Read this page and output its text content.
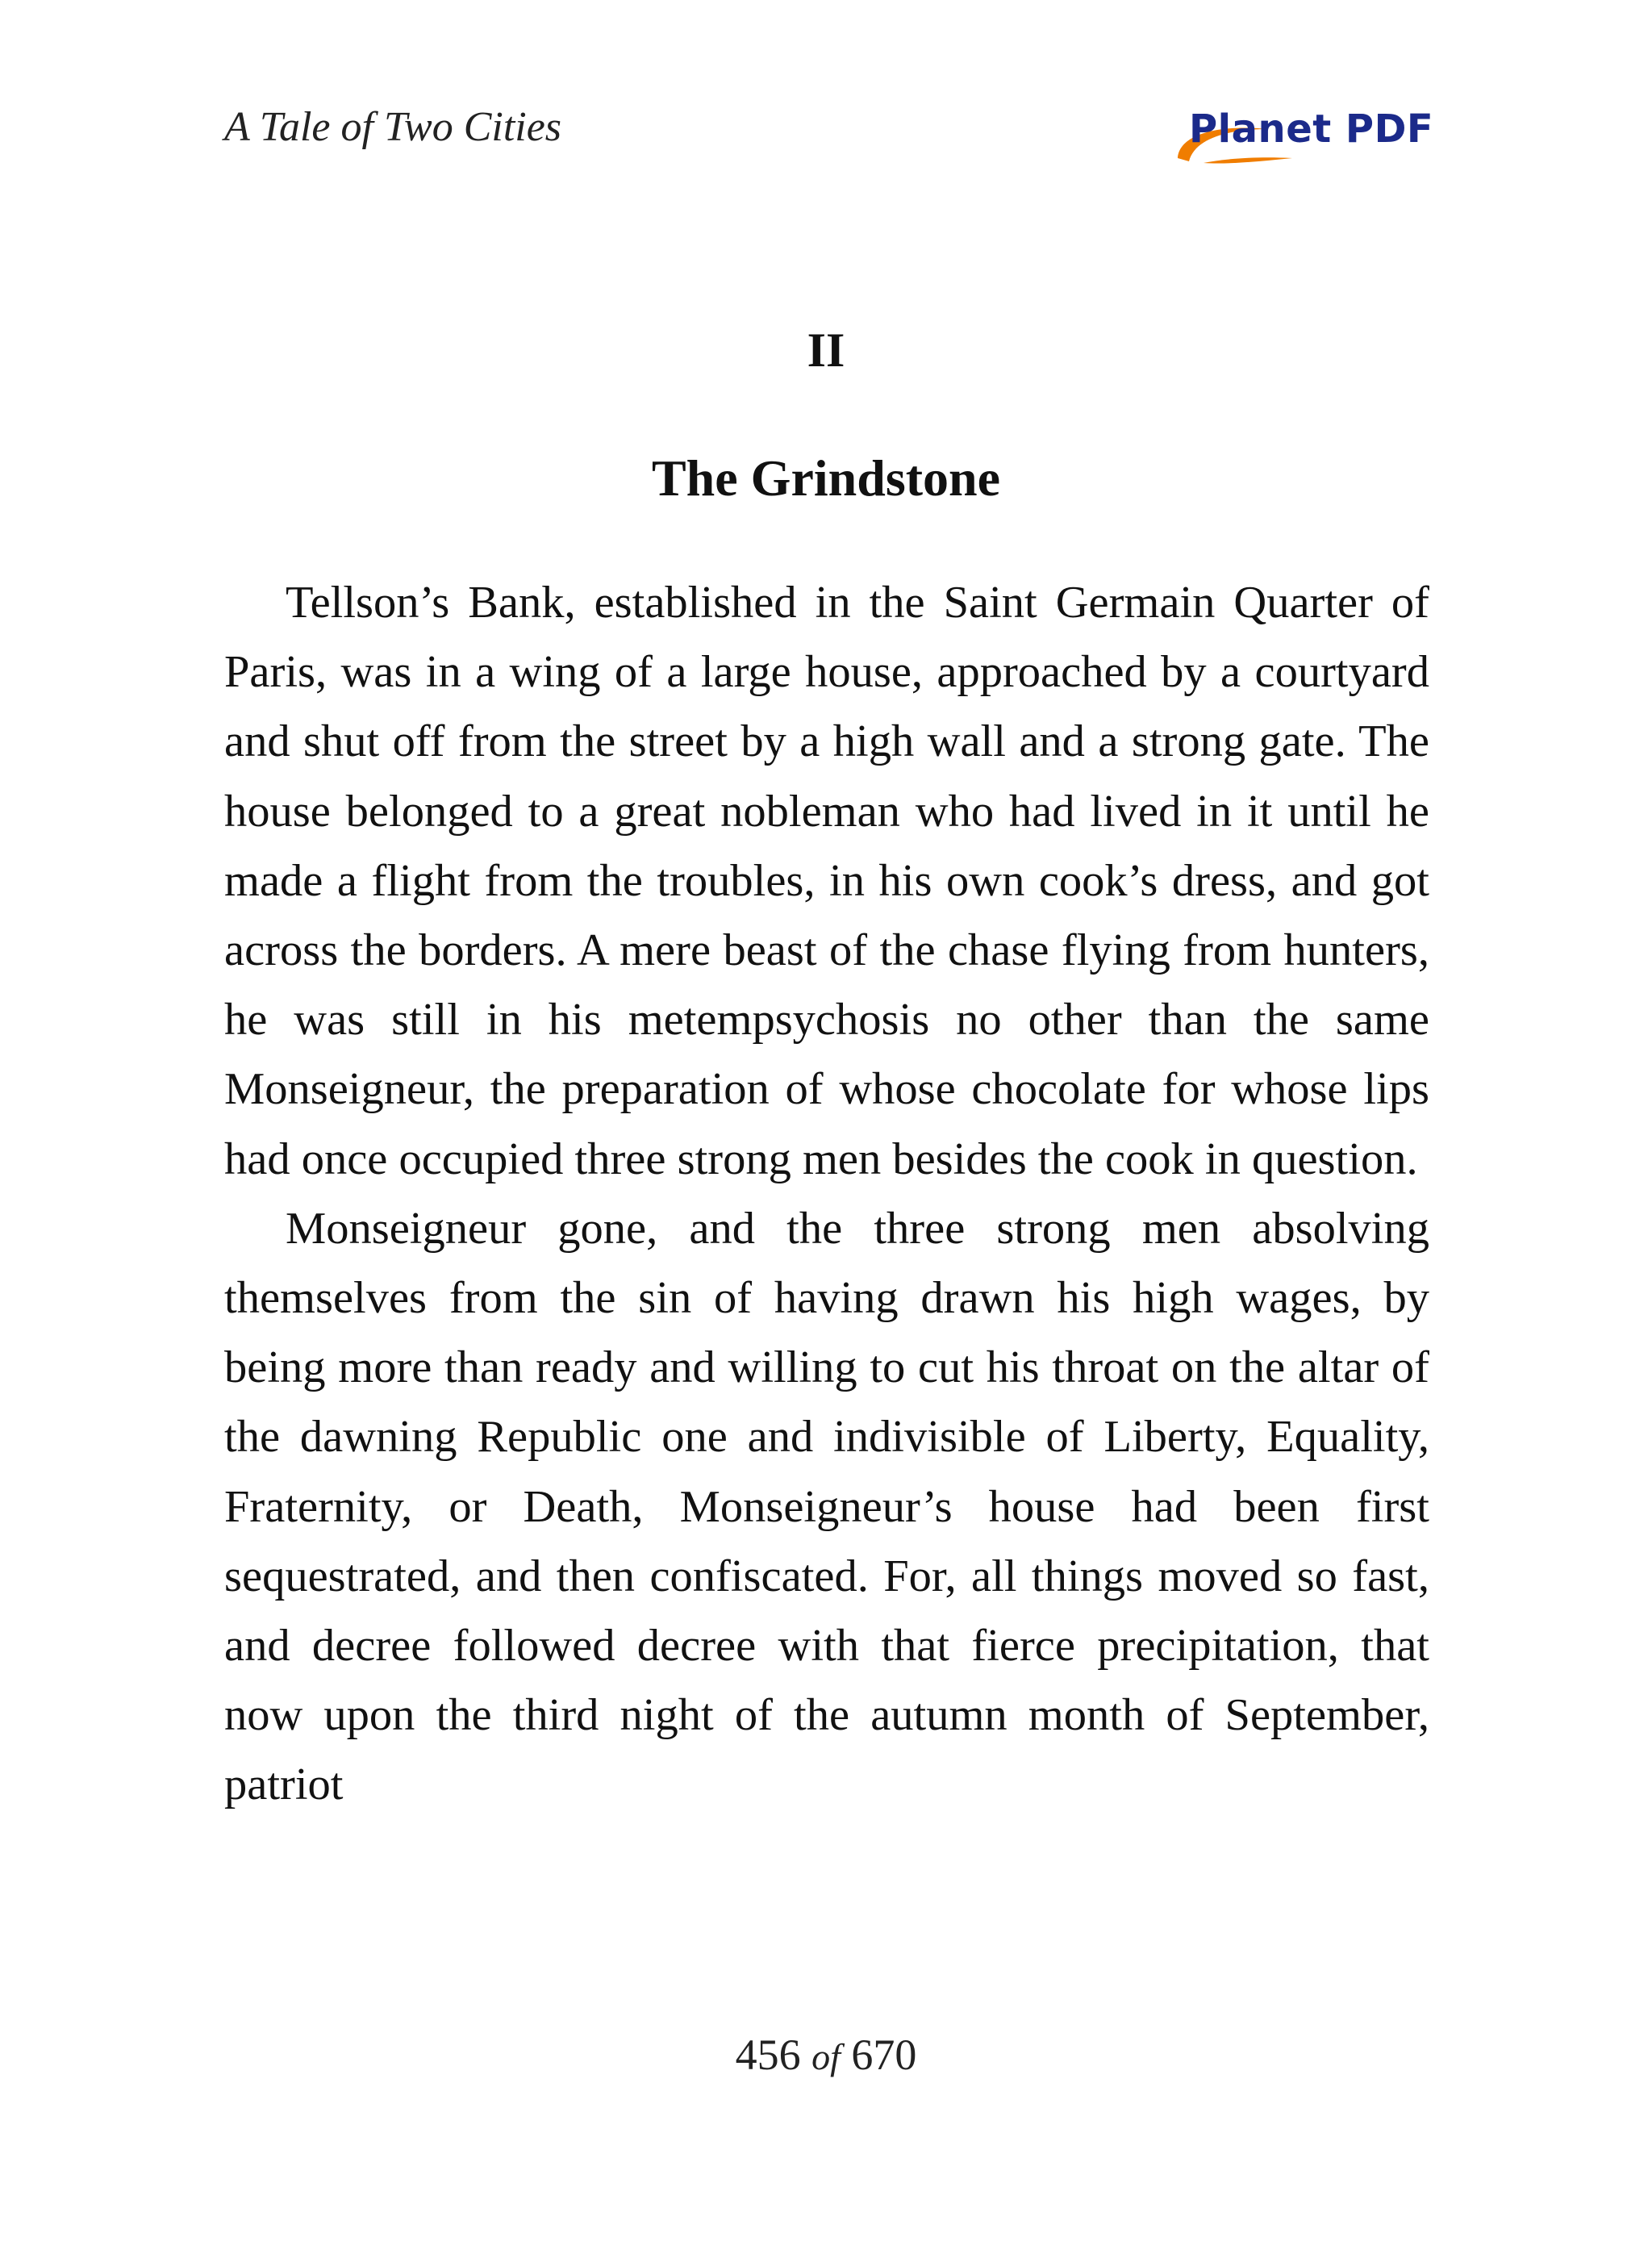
A Tale of Two Cities	Planet PDF
II
The Grindstone

Tellson’s Bank, established in the Saint Germain Quarter of Paris, was in a wing of a large house, approached by a courtyard and shut off from the street by a high wall and a strong gate. The house belonged to a great nobleman who had lived in it until he made a flight from the troubles, in his own cook’s dress, and got across the borders. A mere beast of the chase flying from hunters, he was still in his metempsychosis no other than the same Monseigneur, the preparation of whose chocolate for whose lips had once occupied three strong men besides the cook in question.

Monseigneur gone, and the three strong men absolving themselves from the sin of having drawn his high wages, by being more than ready and willing to cut his throat on the altar of the dawning Republic one and indivisible of Liberty, Equality, Fraternity, or Death, Monseigneur’s house had been first sequestrated, and then confiscated. For, all things moved so fast, and decree followed decree with that fierce precipitation, that now upon the third night of the autumn month of September, patriot

456 of 670
